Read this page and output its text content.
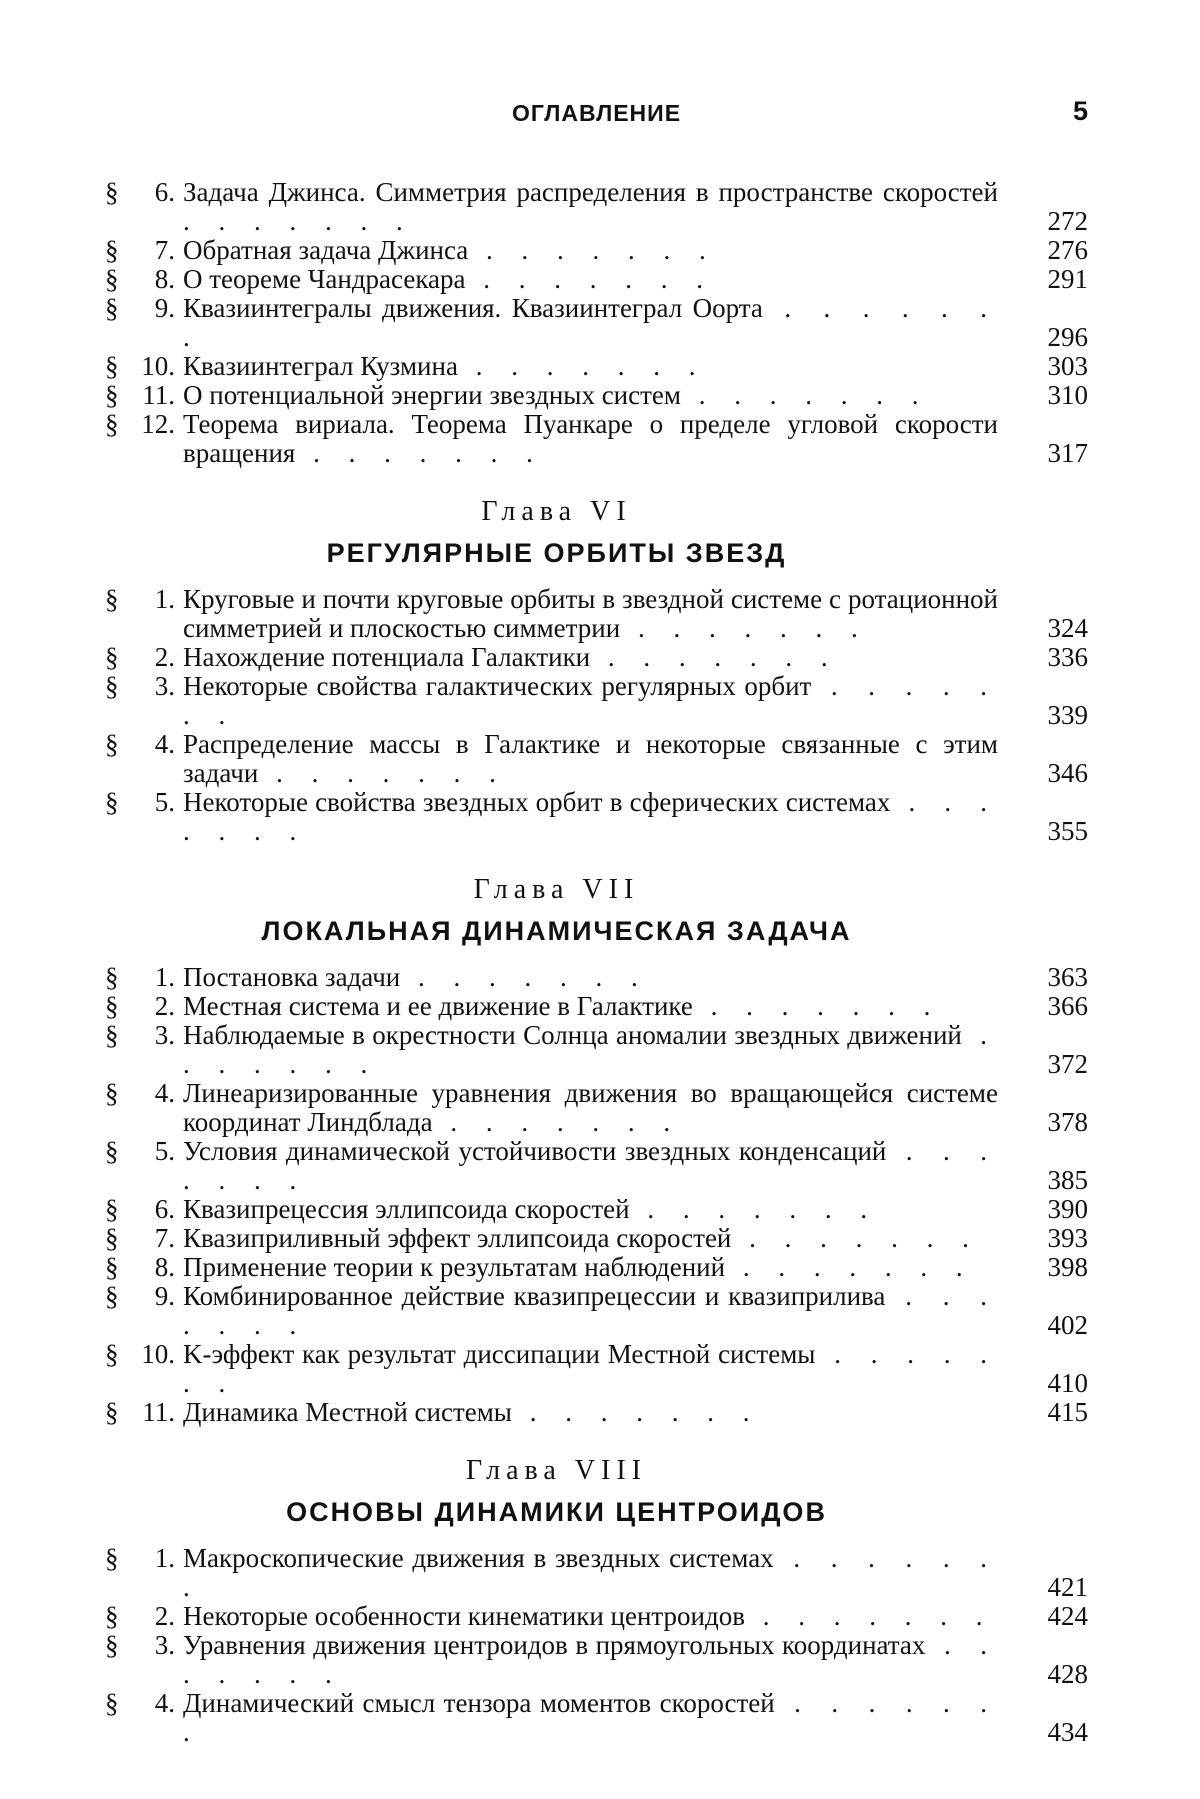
ОГЛАВЛЕНИЕ	5
§	6. Задача Джинса. Симметрия распределения в пространстве скоростей . . . . . . .	272
§	7. Обратная задача Джинса . . . . . . .	276
§	8. О теореме Чандрасекара . . . . . . .	291
§	9. Квазиинтегралы движения. Квазиинтеграл Оорта . . . . . . .	296
§ 10. Квазиинтеграл Кузмина . . . . . . .	303
§ 11. О потенциальной энергии звездных систем . . . . . . .	310
§ 12. Теорема вириала. Теорема Пуанкаре о пределе угловой скорости вращения . . . . . . .	317
Глава VI
РЕГУЛЯРНЫЕ ОРБИТЫ ЗВЕЗД
§	1. Круговые и почти круговые орбиты в звездной системе с ротационной симметрией и плоскостью симметрии . . . . . . .	324
§	2. Нахождение потенциала Галактики . . . . . . .	336
§	3. Некоторые свойства галактических регулярных орбит . . . . . . .	339
§	4. Распределение массы в Галактике и некоторые связанные с этим задачи . . . . . . .	346
§	5. Некоторые свойства звездных орбит в сферических системах . . . . . . .	355
Глава VII
ЛОКАЛЬНАЯ ДИНАМИЧЕСКАЯ ЗАДАЧА
§	1. Постановка задачи . . . . . . .	363
§	2. Местная система и ее движение в Галактике . . . . . . .	366
§	3. Наблюдаемые в окрестности Солнца аномалии звездных движений . . . . . . .	372
§	4. Линеаризированные уравнения движения во вращающейся системе координат Линдблада . . . . . . .	378
§	5. Условия динамической устойчивости звездных конденсаций . . . . . . .	385
§	6. Квазипрецессия эллипсоида скоростей . . . . . . .	390
§	7. Квазиприливный эффект эллипсоида скоростей . . . . . . .	393
§	8. Применение теории к результатам наблюдений . . . . . . .	398
§	9. Комбинированное действие квазипрецессии и квазиприлива . . . . . . .	402
§ 10. K-эффект как результат диссипации Местной системы . . . . . . .	410
§ 11. Динамика Местной системы . . . . . . .	415
Глава VIII
ОСНОВЫ ДИНАМИКИ ЦЕНТРОИДОВ
§	1. Макроскопические движения в звездных системах . . . . . . .	421
§	2. Некоторые особенности кинематики центроидов . . . . . . .	424
§	3. Уравнения движения центроидов в прямоугольных координатах . . . . . . .	428
§	4. Динамический смысл тензора моментов скоростей . . . . . . .	434
